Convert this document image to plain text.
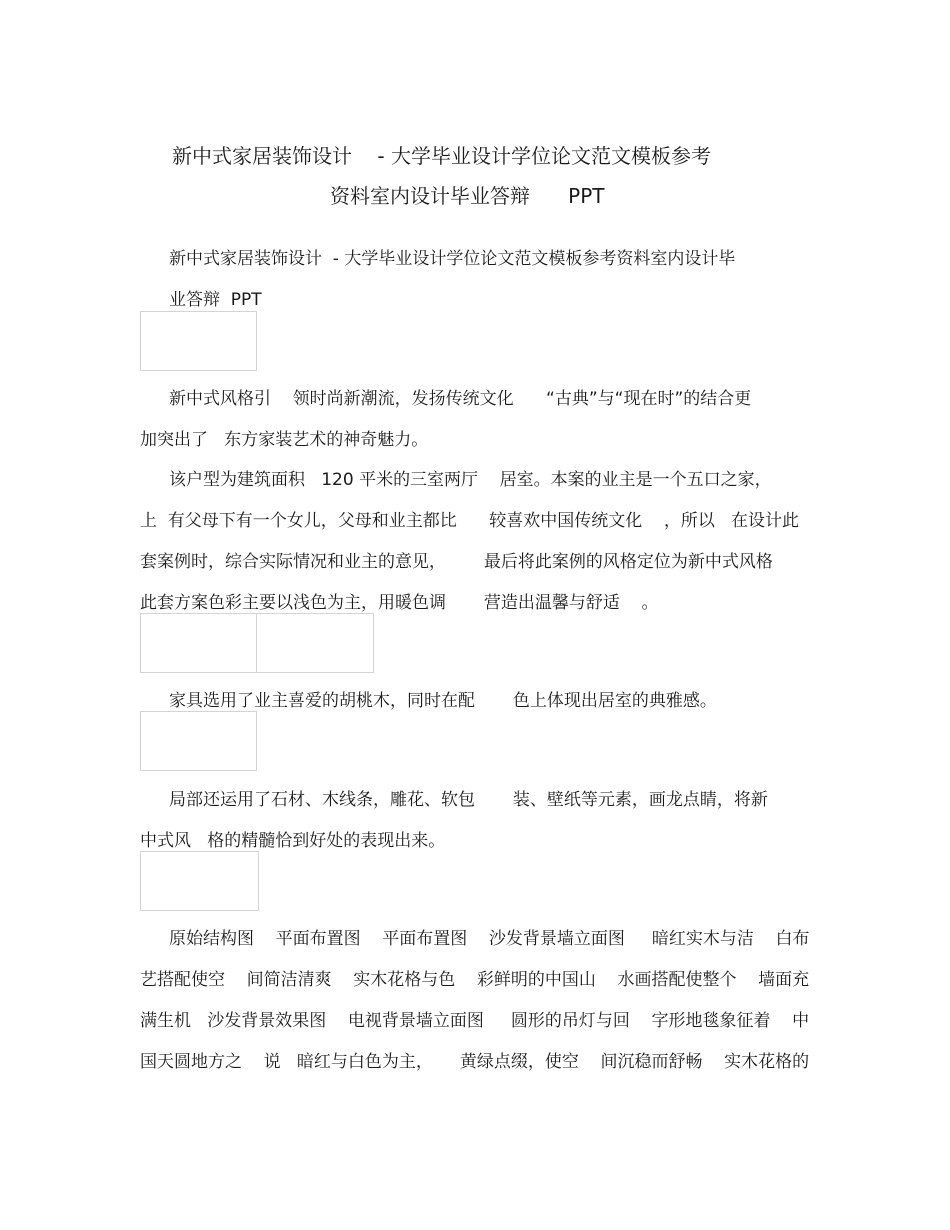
新中式家居装饰设计    - 大学毕业设计学位论文范文模板参考
资料室内设计毕业答辩      PPT
新中式家居装饰设计  - 大学毕业设计学位论文范文模板参考资料室内设计毕
业答辩  PPT
新中式风格引    领时尚新潮流，发扬传统文化      “古典”与“现在时”的结合更
加突出了   东方家装艺术的神奇魅力。
该户型为建筑面积   120 平米的三室两厅    居室。本案的业主是一个五口之家，
上  有父母下有一个女儿，父母和业主都比      较喜欢中国传统文化    ，所以   在设计此
套案例时，综合实际情况和业主的意见，       最后将此案例的风格定位为新中式风格
此套方案色彩主要以浅色为主，用暖色调       营造出温馨与舒适    。
家具选用了业主喜爱的胡桃木，同时在配       色上体现出居室的典雅感。
局部还运用了石材、木线条，雕花、软包       装、壁纸等元素，画龙点睛，将新
中式风   格的精髓恰到好处的表现出来。
原始结构图    平面布置图    平面布置图    沙发背景墙立面图     暗红实木与洁    白布
艺搭配使空    间简洁清爽    实木花格与色    彩鲜明的中国山    水画搭配使整个    墙面充
满生机   沙发背景效果图    电视背景墙立面图     圆形的吊灯与回    字形地毯象征着    中
国天圆地方之    说   暗红与白色为主，     黄绿点缀，使空    间沉稳而舒畅    实木花格的
